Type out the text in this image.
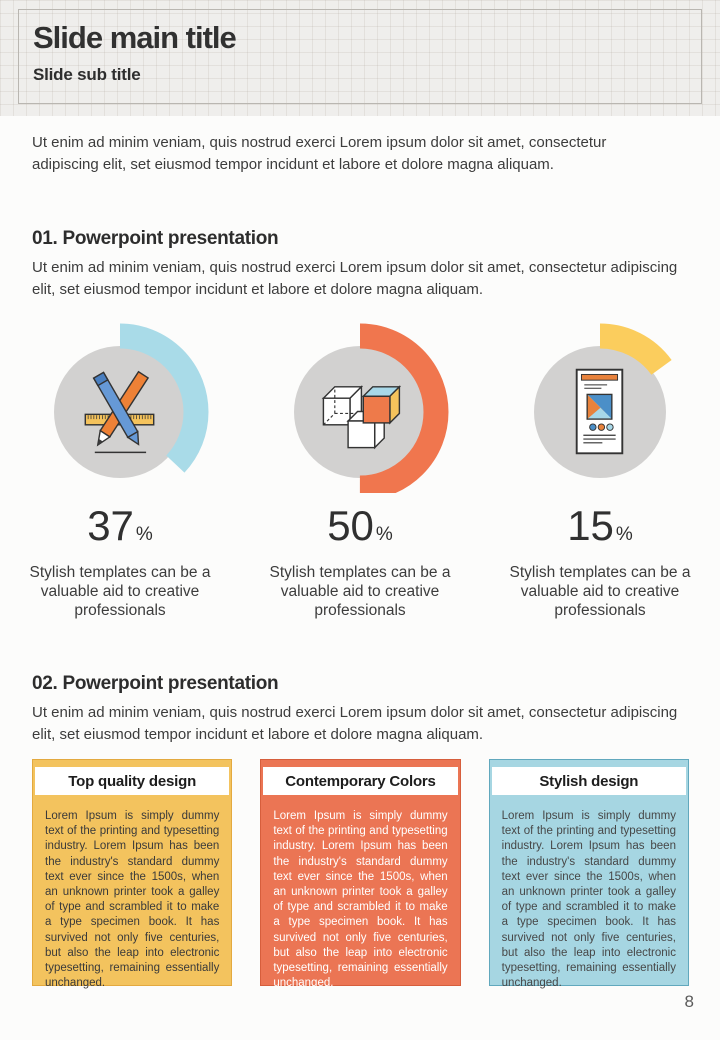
Slide main title
Slide sub title

Ut enim ad minim veniam, quis nostrud exerci Lorem ipsum dolor sit amet, consectetur adipiscing elit, set eiusmod tempor incidunt et labore et dolore magna aliquam.

01. Powerpoint presentation

Ut enim ad minim veniam, quis nostrud exerci Lorem ipsum dolor sit amet, consectetur adipiscing elit, set eiusmod tempor incidunt et labore et dolore magna aliquam.

37 %
Stylish templates can be a valuable aid to creative professionals
50 %
Stylish templates can be a valuable aid to creative professionals
15 %
Stylish templates can be a valuable aid to creative professionals
02. Powerpoint presentation

Ut enim ad minim veniam, quis nostrud exerci Lorem ipsum dolor sit amet, consectetur adipiscing elit, set eiusmod tempor incidunt et labore et dolore magna aliquam.

Top quality design
Lorem Ipsum is simply dummy text of the printing and typesetting industry. Lorem Ipsum has been the industry's standard dummy text ever since the 1500s, when an unknown printer took a galley of type and scrambled it to make a type specimen book. It has survived not only five centuries, but also the leap into electronic typesetting, remaining essentially unchanged.
Contemporary Colors
Lorem Ipsum is simply dummy text of the printing and typesetting industry. Lorem Ipsum has been the industry's standard dummy text ever since the 1500s, when an unknown printer took a galley of type and scrambled it to make a type specimen book. It has survived not only five centuries, but also the leap into electronic typesetting, remaining essentially unchanged.
Stylish design
Lorem Ipsum is simply dummy text of the printing and typesetting industry. Lorem Ipsum has been the industry's standard dummy text ever since the 1500s, when an unknown printer took a galley of type and scrambled it to make a type specimen book. It has survived not only five centuries, but also the leap into electronic typesetting, remaining essentially unchanged.
8
